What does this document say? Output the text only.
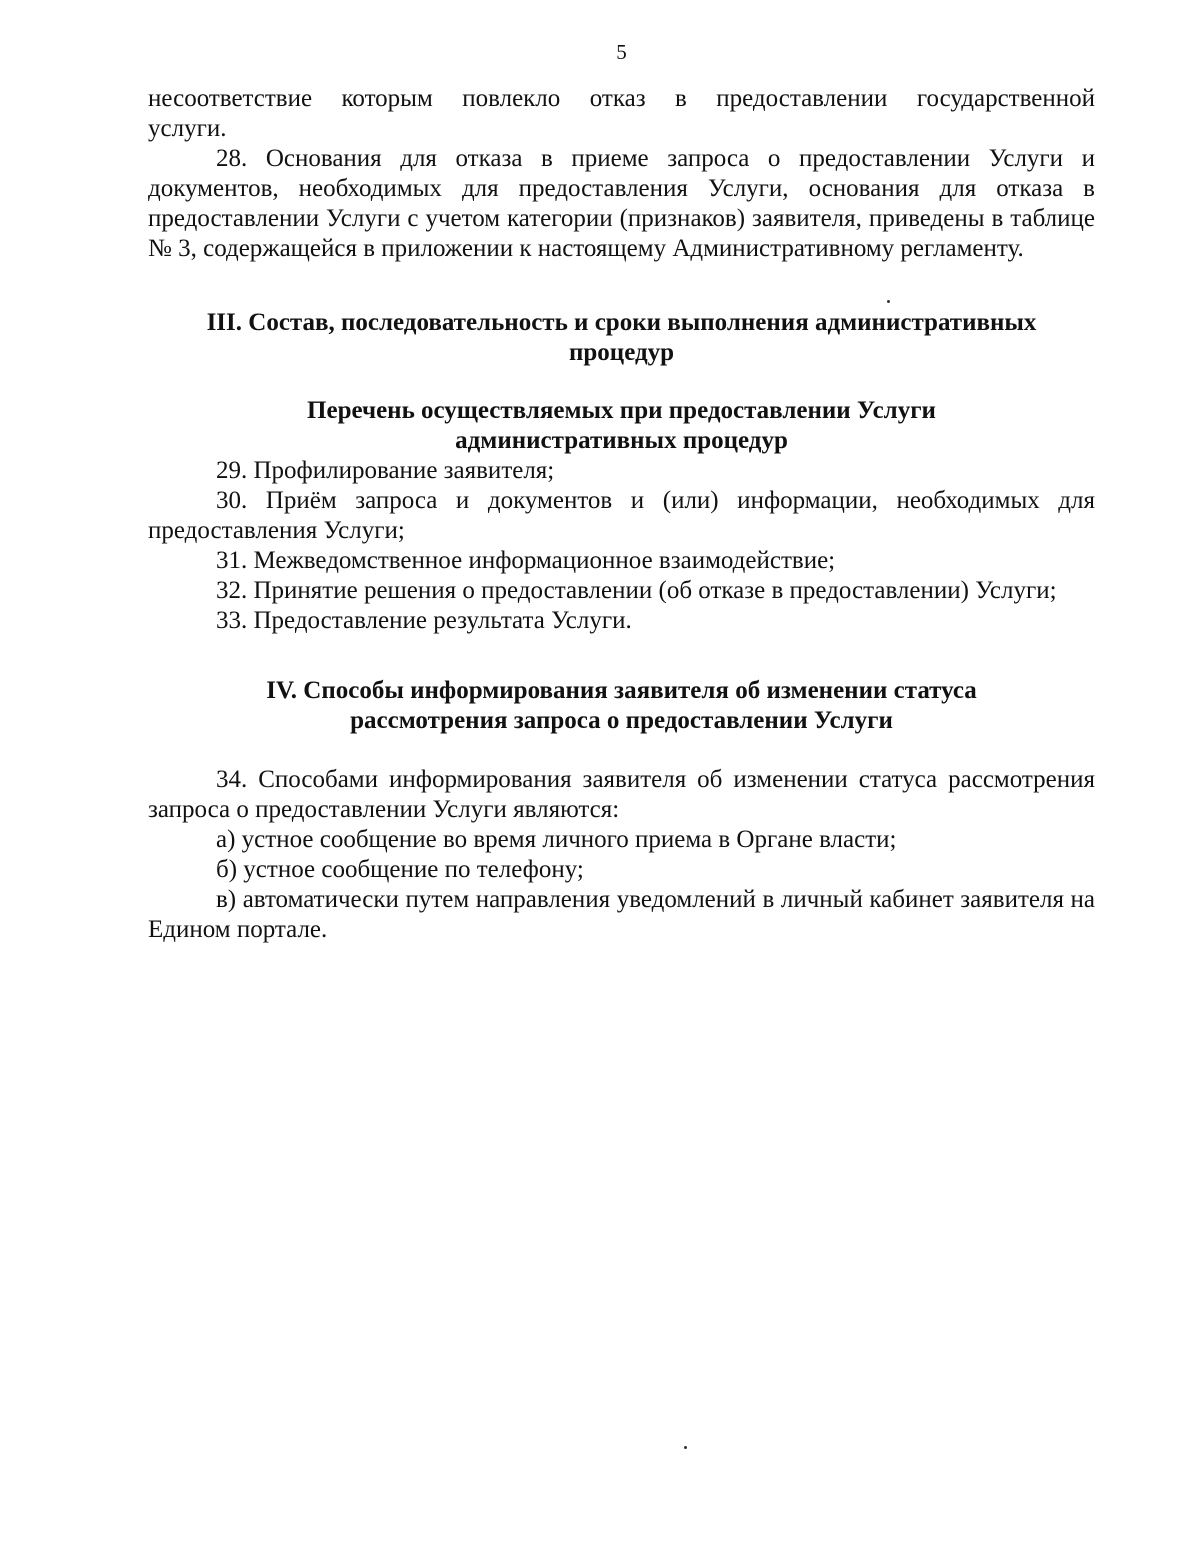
5

несоответствие которым повлекло отказ в предоставлении государственной

услуги.

28. Основания для отказа в приеме запроса о предоставлении Услуги и документов, необходимых для предоставления Услуги, основания для отказа в предоставлении Услуги с учетом категории (признаков) заявителя, приведены в таблице № 3, содержащейся в приложении к настоящему Административному регламенту.

III. Состав, последовательность и сроки выполнения административных
процедур
Перечень осуществляемых при предоставлении Услуги
административных процедур

29. Профилирование заявителя;

30. Приём запроса и документов и (или) информации, необходимых для предоставления Услуги;

31. Межведомственное информационное взаимодействие;

32. Принятие решения о предоставлении (об отказе в предоставлении) Услуги;

33. Предоставление результата Услуги.

IV. Способы информирования заявителя об изменении статуса
рассмотрения запроса о предоставлении Услуги

34. Способами информирования заявителя об изменении статуса рассмотрения запроса о предоставлении Услуги являются:

а) устное сообщение во время личного приема в Органе власти;

б) устное сообщение по телефону;

в) автоматически путем направления уведомлений в личный кабинет заявителя на Едином портале.
